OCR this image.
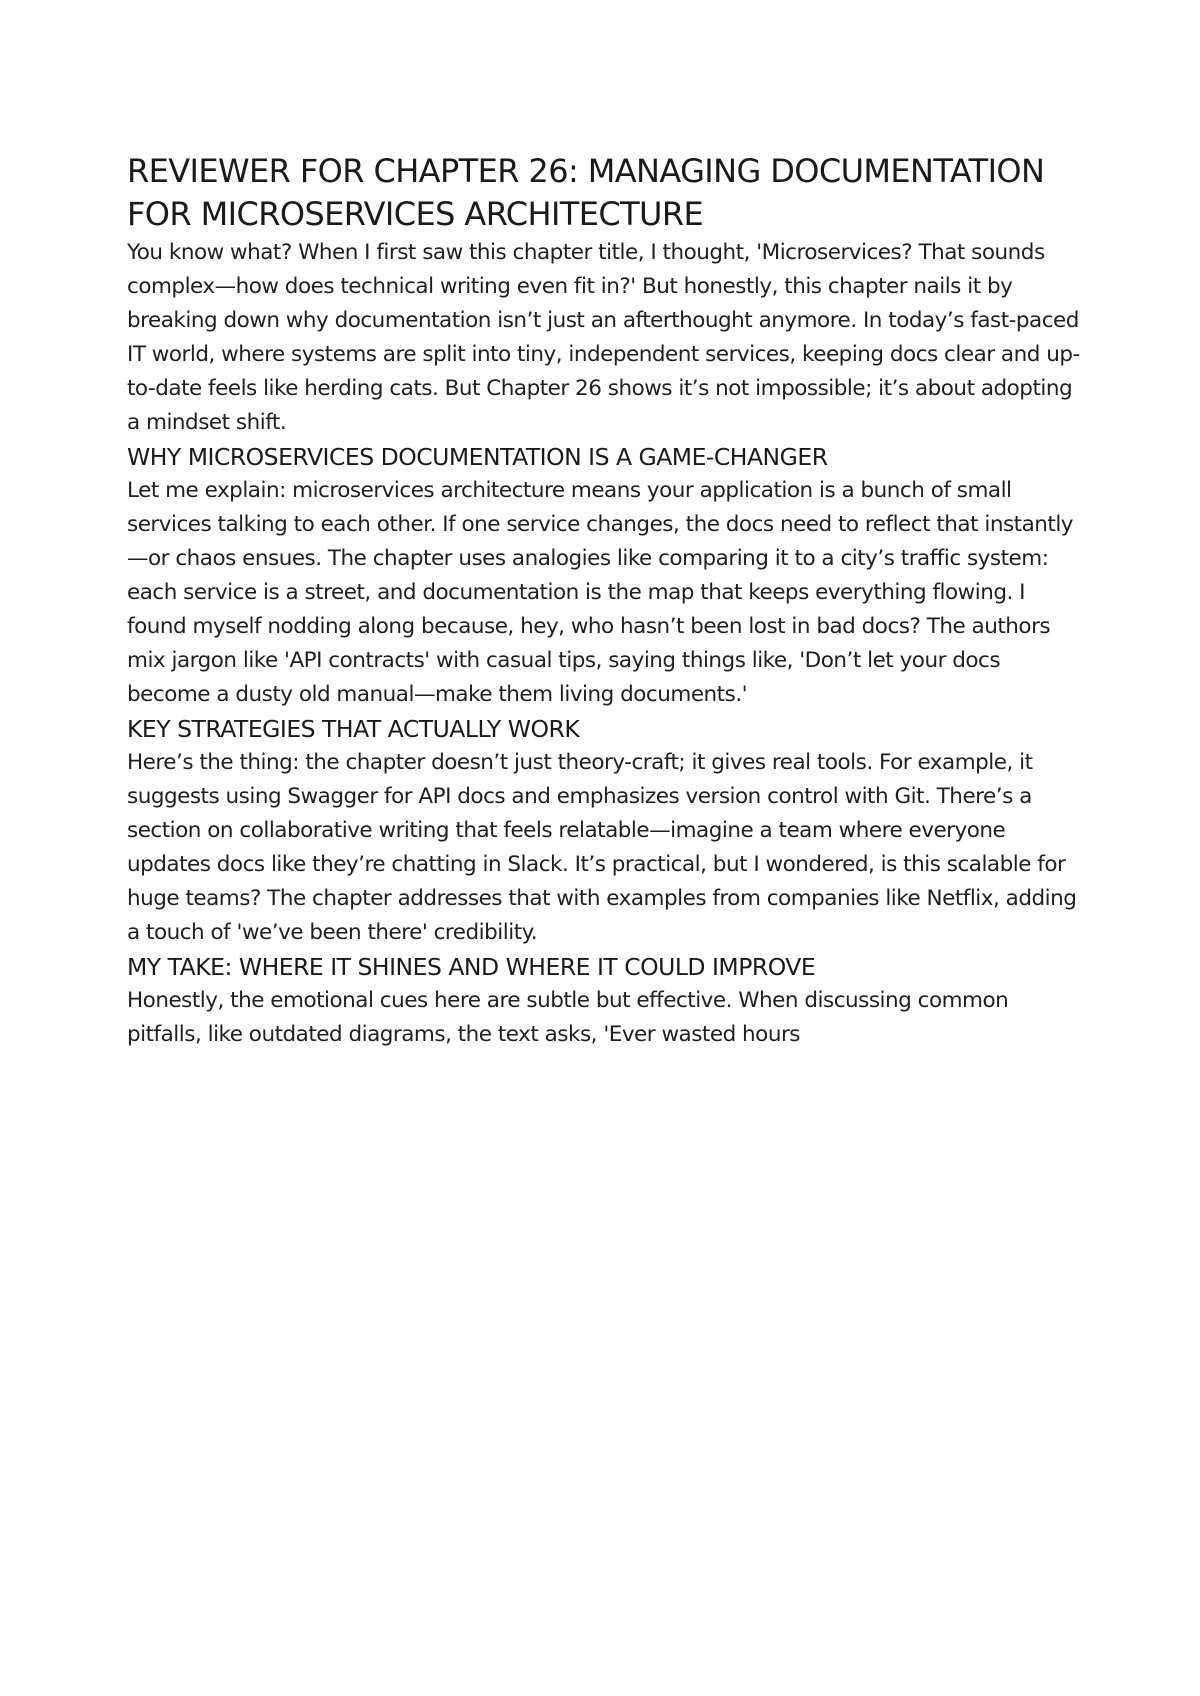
REVIEWER FOR CHAPTER 26: MANAGING DOCUMENTATION FOR MICROSERVICES ARCHITECTURE

You know what? When I first saw this chapter title, I thought, 'Microservices? That sounds complex—how does technical writing even fit in?' But honestly, this chapter nails it by breaking down why documentation isn’t just an afterthought anymore. In today’s fast-paced IT world, where systems are split into tiny, independent services, keeping docs clear and up-to-date feels like herding cats. But Chapter 26 shows it’s not impossible; it’s about adopting a mindset shift.

WHY MICROSERVICES DOCUMENTATION IS A GAME-CHANGER

Let me explain: microservices architecture means your application is a bunch of small services talking to each other. If one service changes, the docs need to reflect that instantly—or chaos ensues. The chapter uses analogies like comparing it to a city’s traffic system: each service is a street, and documentation is the map that keeps everything flowing. I found myself nodding along because, hey, who hasn’t been lost in bad docs? The authors mix jargon like 'API contracts' with casual tips, saying things like, 'Don’t let your docs become a dusty old manual—make them living documents.'

KEY STRATEGIES THAT ACTUALLY WORK

Here’s the thing: the chapter doesn’t just theory-craft; it gives real tools. For example, it suggests using Swagger for API docs and emphasizes version control with Git. There’s a section on collaborative writing that feels relatable—imagine a team where everyone updates docs like they’re chatting in Slack. It’s practical, but I wondered, is this scalable for huge teams? The chapter addresses that with examples from companies like Netflix, adding a touch of 'we’ve been there' credibility.

MY TAKE: WHERE IT SHINES AND WHERE IT COULD IMPROVE

Honestly, the emotional cues here are subtle but effective. When discussing common pitfalls, like outdated diagrams, the text asks, 'Ever wasted hours
